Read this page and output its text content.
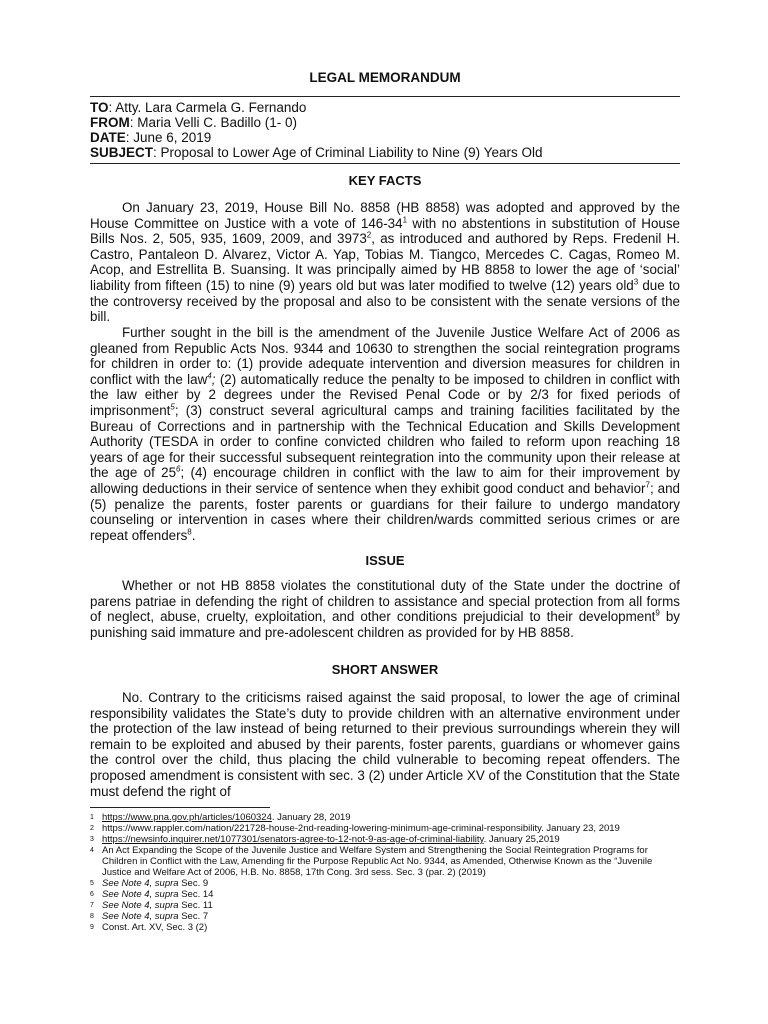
LEGAL MEMORANDUM
TO: Atty. Lara Carmela G. Fernando
FROM: Maria Velli C. Badillo (1- 0)
DATE: June 6, 2019
SUBJECT: Proposal to Lower Age of Criminal Liability to Nine (9) Years Old
KEY FACTS
On January 23, 2019, House Bill No. 8858 (HB 8858) was adopted and approved by the House Committee on Justice with a vote of $146-34^1$ with no abstentions in substitution of House Bills Nos. 2, 505, 935, 1609, 2009, and 3973$^2$, as introduced and authored by Reps. Fredenil H. Castro, Pantaleon D. Alvarez, Victor A. Yap, Tobias M. Tiangco, Mercedes C. Cagas, Romeo M. Acop, and Estrellita B. Suansing. It was principally aimed by HB 8858 to lower the age of ‘social’ liability from fifteen (15) to nine (9) years old but was later modified to twelve (12) years old$^3$ due to the controversy received by the proposal and also to be consistent with the senate versions of the bill.
Further sought in the bill is the amendment of the Juvenile Justice Welfare Act of 2006 as gleaned from Republic Acts Nos. 9344 and 10630 to strengthen the social reintegration programs for children in order to: (1) provide adequate intervention and diversion measures for children in conflict with the law$^4$; (2) automatically reduce the penalty to be imposed to children in conflict with the law either by 2 degrees under the Revised Penal Code or by 2/3 for fixed periods of imprisonment$^5$; (3) construct several agricultural camps and training facilities facilitated by the Bureau of Corrections and in partnership with the Technical Education and Skills Development Authority (TESDA in order to confine convicted children who failed to reform upon reaching 18 years of age for their successful subsequent reintegration into the community upon their release at the age of $25^6$; (4) encourage children in conflict with the law to aim for their improvement by allowing deductions in their service of sentence when they exhibit good conduct and behavior$^7$; and (5) penalize the parents, foster parents or guardians for their failure to undergo mandatory counseling or intervention in cases where their children/wards committed serious crimes or are repeat offenders$^8$.
ISSUE
Whether or not HB 8858 violates the constitutional duty of the State under the doctrine of parens patriae in defending the right of children to assistance and special protection from all forms of neglect, abuse, cruelty, exploitation, and other conditions prejudicial to their development$^9$ by punishing said immature and pre-adolescent children as provided for by HB 8858.
SHORT ANSWER
No. Contrary to the criticisms raised against the said proposal, to lower the age of criminal responsibility validates the State’s duty to provide children with an alternative environment under the protection of the law instead of being returned to their previous surroundings wherein they will remain to be exploited and abused by their parents, foster parents, guardians or whomever gains the control over the child, thus placing the child vulnerable to becoming repeat offenders. The proposed amendment is consistent with sec. 3 (2) under Article XV of the Constitution that the State must defend the right of
1 https://www.pna.gov.ph/articles/1060324. January 28, 2019
2 https://www.rappler.com/nation/221728-house-2nd-reading-lowering-minimum-age-criminal-responsibility. January 23, 2019
3 https://newsinfo.inquirer.net/1077301/senators-agree-to-12-not-9-as-age-of-criminal-liability. January 25,2019
4 An Act Expanding the Scope of the Juvenile Justice and Welfare System and Strengthening the Social Reintegration Programs for Children in Conflict with the Law, Amending fir the Purpose Republic Act No. 9344, as Amended, Otherwise Known as the “Juvenile Justice and Welfare Act of 2006, H.B. No. 8858, 17th Cong. 3rd sess. Sec. 3 (par. 2) (2019)
5 See Note 4, supra Sec. 9
6 See Note 4, supra Sec. 14
7 See Note 4, supra Sec. 11
8 See Note 4, supra Sec. 7
9 Const. Art. XV, Sec. 3 (2)
